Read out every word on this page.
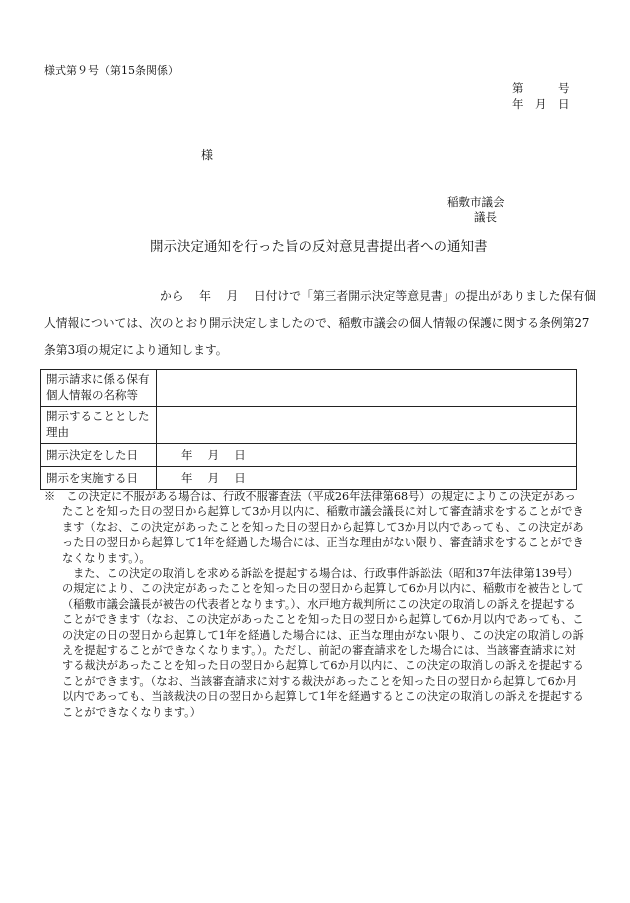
様式第９号（第15条関係）
第　　　号
年　月　日
様
稲敷市議会
議長
開示決定通知を行った旨の反対意見書提出者への通知書

から　 年　 月　 日付けで「第三者開示決定等意見書」の提出がありました保有個

人情報については、次のとおり開示決定しましたので、稲敷市議会の個人情報の保護に関する条例第27

条第3項の規定により通知します。

開示請求に係る保有個人情報の名称等	
開示することとした理由	
開示決定をした日	年　 月　 日
開示を実施する日	年　 月　 日

※　この決定に不服がある場合は、行政不服審査法（平成26年法律第68号）の規定によりこの決定があったことを知った日の翌日から起算して3か月以内に、稲敷市議会議長に対して審査請求をすることができます（なお、この決定があったことを知った日の翌日から起算して3か月以内であっても、この決定があった日の翌日から起算して1年を経過した場合には、正当な理由がない限り、審査請求をすることができなくなります。）。

また、この決定の取消しを求める訴訟を提起する場合は、行政事件訴訟法（昭和37年法律第139号）の規定により、この決定があったことを知った日の翌日から起算して6か月以内に、稲敷市を被告として（稲敷市議会議長が被告の代表者となります。）、水戸地方裁判所にこの決定の取消しの訴えを提起することができます（なお、この決定があったことを知った日の翌日から起算して6か月以内であっても、この決定の日の翌日から起算して1年を経過した場合には、正当な理由がない限り、この決定の取消しの訴えを提起することができなくなります。）。ただし、前記の審査請求をした場合には、当該審査請求に対する裁決があったことを知った日の翌日から起算して6か月以内に、この決定の取消しの訴えを提起することができます。（なお、当該審査請求に対する裁決があったことを知った日の翌日から起算して6か月以内であっても、当該裁決の日の翌日から起算して1年を経過するとこの決定の取消しの訴えを提起することができなくなります。）
